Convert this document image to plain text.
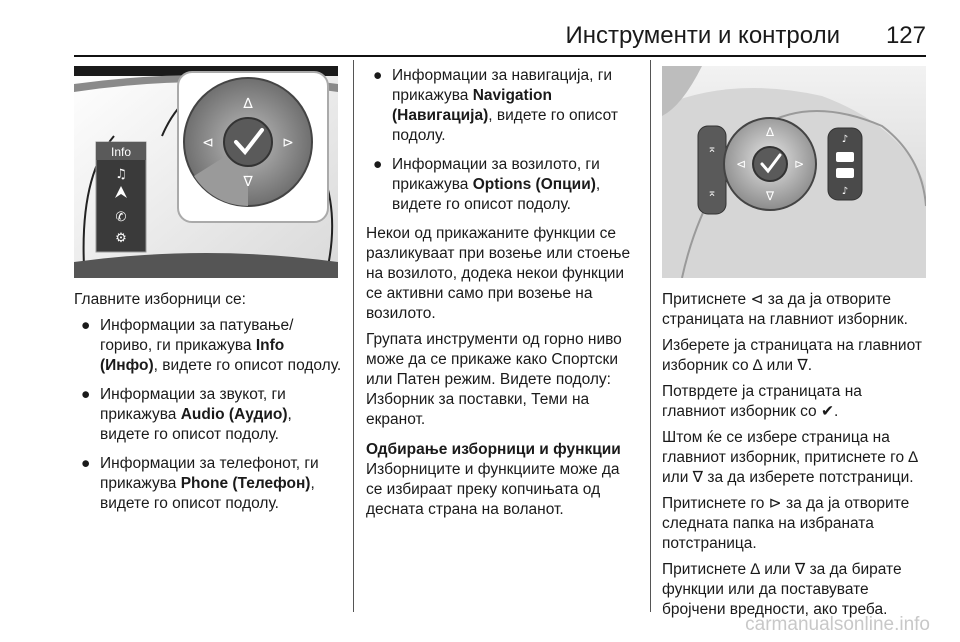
Инструменти и контроли 127
Info
♫
✆
⚙
∆
∇
⊲	⊳

Главните изборници се:

● Информации за патување/гориво, ги прикажува Info (Инфо), видете го описот подолу.
● Информации за звукот, ги прикажува Audio (Аудио), видете го описот подолу.
● Информации за телефонот, ги прикажува Phone (Телефон), видете го описот подолу.
● Информации за навигација, ги прикажува Navigation (Навигација), видете го описот подолу.
● Информации за возилото, ги прикажува Options (Опции), видете го описот подолу.

Некои од прикажаните функции се разликуваат при возење или стоење на возилото, додека некои функции се активни само при возење на возилото.

Групата инструменти од горно ниво може да се прикаже како Спортски или Патен режим. Видете подолу: Изборник за поставки, Теми на екранот.

Одбирање изборници и функции

Изборниците и функциите може да се избираат преку копчињата од десната страна на воланот.

⌅
⌅
∆
∇
⊲	⊳
♪
♪

Притиснете ⊲ за да ја отворите страницата на главниот изборник.

Изберете ја страницата на главниот изборник со ∆ или ∇.

Потврдете ја страницата на главниот изборник со ✔.

Штом ќе се избере страница на главниот изборник, притиснете го ∆ или ∇ за да изберете потстраници.

Притиснете го ⊳ за да ја отворите следната папка на избраната потстраница.

Притиснете ∆ или ∇ за да бирате функции или да поставувате бројчени вредности, ако треба.

carmanualsonline.info
